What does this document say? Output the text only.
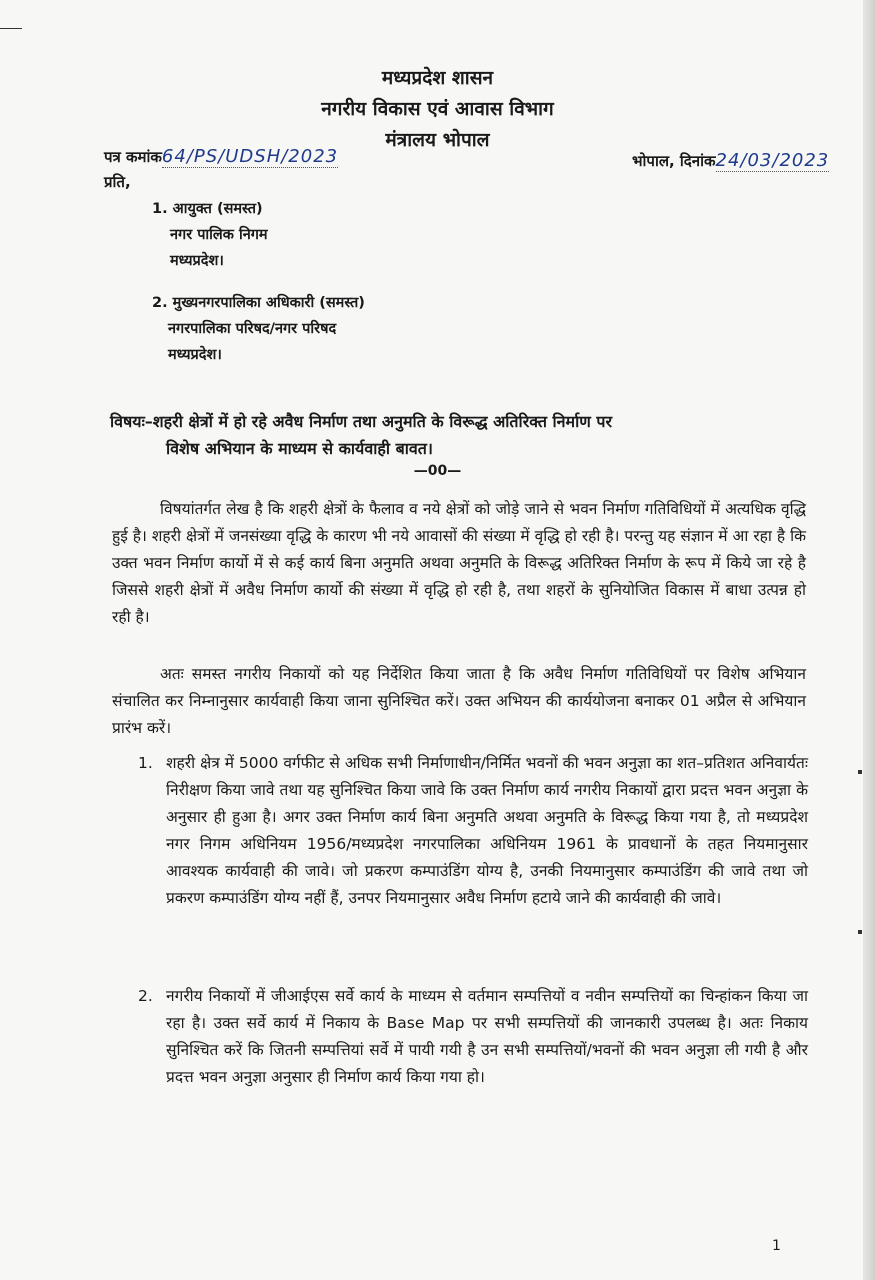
मध्यप्रदेश शासन
नगरीय विकास एवं आवास विभाग
मंत्रालय भोपाल
पत्र कमांक64/PS/UDSH/2023	भोपाल, दिनांक24/03/2023
प्रति,
1. आयुक्त (समस्त)
नगर पालिक निगम
मध्यप्रदेश।
2. मुख्यनगरपालिका अधिकारी (समस्त)
नगरपालिका परिषद/नगर परिषद
मध्यप्रदेश।
विषयः–शहरी क्षेत्रों में हो रहे अवैध निर्माण तथा अनुमति के विरूद्ध अतिरिक्त निर्माण पर
विशेष अभियान के माध्यम से कार्यवाही बावत।
—00—
विषयांतर्गत लेख है कि शहरी क्षेत्रों के फैलाव व नये क्षेत्रों को जोड़े जाने से भवन निर्माण गतिविधियों में अत्यधिक वृद्धि हुई है। शहरी क्षेत्रों में जनसंख्या वृद्धि के कारण भी नये आवासों की संख्या में वृद्धि हो रही है। परन्तु यह संज्ञान में आ रहा है कि उक्त भवन निर्माण कार्यो में से कई कार्य बिना अनुमति अथवा अनुमति के विरूद्ध अतिरिक्त निर्माण के रूप में किये जा रहे है जिससे शहरी क्षेत्रों में अवैध निर्माण कार्यो की संख्या में वृद्धि हो रही है, तथा शहरों के सुनियोजित विकास में बाधा उत्पन्न हो रही है।
अतः समस्त नगरीय निकायों को यह निर्देशित किया जाता है कि अवैध निर्माण गतिविधियों पर विशेष अभियान संचालित कर निम्नानुसार कार्यवाही किया जाना सुनिश्चित करें। उक्त अभियन की कार्ययोजना बनाकर 01 अप्रैल से अभियान प्रारंभ करें।
1. शहरी क्षेत्र में 5000 वर्गफीट से अधिक सभी निर्माणाधीन/निर्मित भवनों की भवन अनुज्ञा का शत–प्रतिशत अनिवार्यतः निरीक्षण किया जावे तथा यह सुनिश्चित किया जावे कि उक्त निर्माण कार्य नगरीय निकायों द्वारा प्रदत्त भवन अनुज्ञा के अनुसार ही हुआ है। अगर उक्त निर्माण कार्य बिना अनुमति अथवा अनुमति के विरूद्ध किया गया है, तो मध्यप्रदेश नगर निगम अधिनियम 1956/मध्यप्रदेश नगरपालिका अधिनियम 1961 के प्रावधानों के तहत नियमानुसार आवश्यक कार्यवाही की जावे। जो प्रकरण कम्पाउंडिंग योग्य है, उनकी नियमानुसार कम्पाउंडिंग की जावे तथा जो प्रकरण कम्पाउंडिंग योग्य नहीं हैं, उनपर नियमानुसार अवैध निर्माण हटाये जाने की कार्यवाही की जावे।
2. नगरीय निकायों में जीआईएस सर्वे कार्य के माध्यम से वर्तमान सम्पत्तियों व नवीन सम्पत्तियों का चिन्हांकन किया जा रहा है। उक्त सर्वे कार्य में निकाय के Base Map पर सभी सम्पत्तियों की जानकारी उपलब्ध है। अतः निकाय सुनिश्चित करें कि जितनी सम्पत्तियां सर्वे में पायी गयी है उन सभी सम्पत्तियों/भवनों की भवन अनुज्ञा ली गयी है और प्रदत्त भवन अनुज्ञा अनुसार ही निर्माण कार्य किया गया हो।
1
